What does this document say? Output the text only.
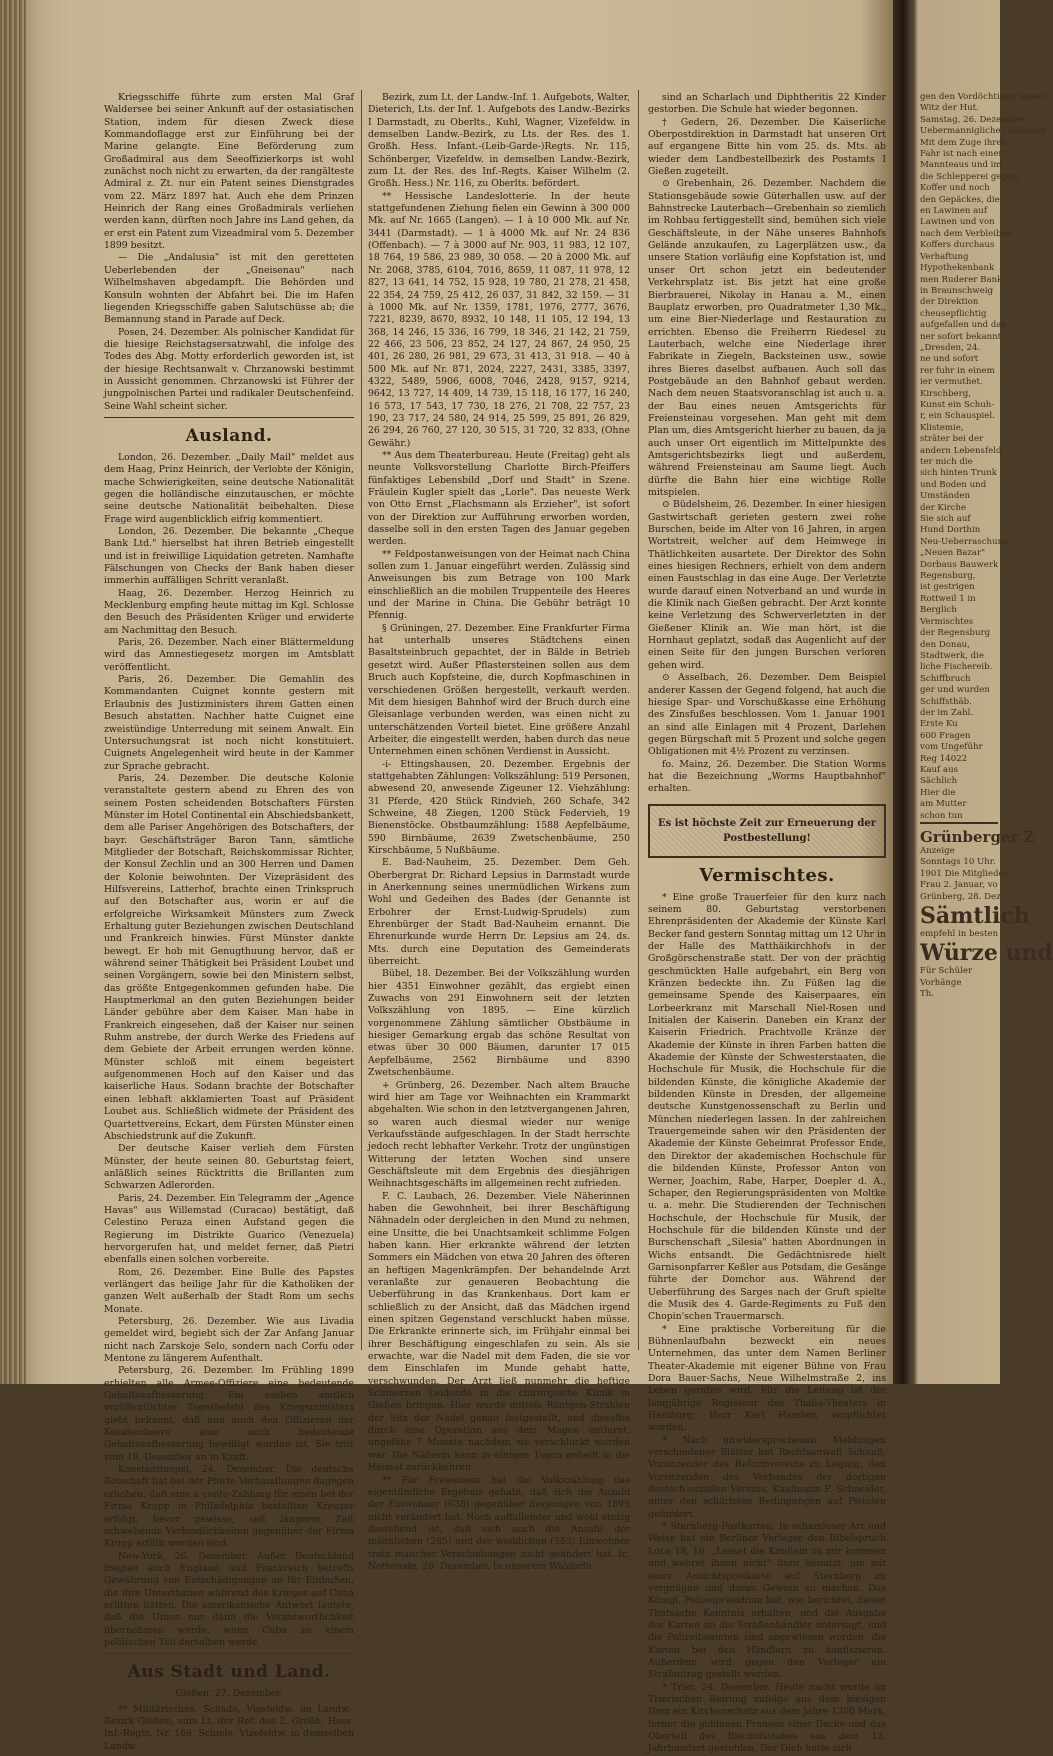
Kriegsschiffe führte zum ersten Mal Graf Waldersee bei seiner Ankunft auf der ostasiatischen Station, indem für diesen Zweck diese Kommandoflagge erst zur Einführung bei der Marine gelangte. Eine Beförderung zum Großadmiral aus dem Seeoffizierkorps ist wohl zunächst noch nicht zu erwarten, da der rangälteste Admiral z. Zt. nur ein Patent seines Dienstgrades vom 22. März 1897 hat. Auch ehe dem Prinzen Heinrich der Rang eines Großadmirals verliehen werden kann, dürften noch Jahre ins Land gehen, da er erst ein Patent zum Vizeadmiral vom 5. Dezember 1899 besitzt.

— Die „Andalusia" ist mit den geretteten Ueberlebenden der „Gneisenau" nach Wilhelmshaven abgedampft. Die Behörden und Konsuln wohnten der Abfahrt bei. Die im Hafen liegenden Kriegsschiffe gaben Salutschüsse ab; die Bemannung stand in Parade auf Deck.

Posen, 24. Dezember. Als polnischer Kandidat für die hiesige Reichstagsersatzwahl, die infolge des Todes des Abg. Motty erforderlich geworden ist, ist der hiesige Rechtsanwalt v. Chrzanowski bestimmt in Aussicht genommen. Chrzanowski ist Führer der jungpolnischen Partei und radikaler Deutschenfeind. Seine Wahl scheint sicher.

Ausland.

London, 26. Dezember. „Daily Mail" meldet aus dem Haag, Prinz Heinrich, der Verlobte der Königin, mache Schwierigkeiten, seine deutsche Nationalität gegen die holländische einzutauschen, er möchte seine deutsche Nationalität beibehalten. Diese Frage wird augenblicklich eifrig kommentiert.

London, 26. Dezember. Die bekannte „Cheque Bank Ltd." hierselbst hat ihren Betrieb eingestellt und ist in freiwillige Liquidation getreten. Namhafte Fälschungen von Checks der Bank haben dieser immerhin auffälligen Schritt veranlaßt.

Haag, 26. Dezember. Herzog Heinrich zu Mecklenburg empfing heute mittag im Kgl. Schlosse den Besuch des Präsidenten Krüger und erwiderte am Nachmittag den Besuch.

Paris, 26. Dezember. Nach einer Blättermeldung wird das Amnestiegesetz morgen im Amtsblatt veröffentlicht.

Paris, 26. Dezember. Die Gemahlin des Kommandanten Cuignet konnte gestern mit Erlaubnis des Justizministers ihrem Gatten einen Besuch abstatten. Nachher hatte Cuignet eine zweistündige Unterredung mit seinem Anwalt. Ein Untersuchungsrat ist noch nicht konstituiert. Cuignets Angelegenheit wird heute in der Kammer zur Sprache gebracht.

Paris, 24. Dezember. Die deutsche Kolonie veranstaltete gestern abend zu Ehren des von seinem Posten scheidenden Botschafters Fürsten Münster im Hotel Continental ein Abschiedsbankett, dem alle Pariser Angehörigen des Botschafters, der bayr. Geschäftsträger Baron Tann, sämtliche Mitglieder der Botschaft, Reichskommissar Richter, der Konsul Zechlin und an 300 Herren und Damen der Kolonie beiwohnten. Der Vizepräsident des Hilfsvereins, Latterhof, brachte einen Trinkspruch auf den Botschafter aus, worin er auf die erfolgreiche Wirksamkeit Münsters zum Zweck Erhaltung guter Beziehungen zwischen Deutschland und Frankreich hinwies. Fürst Münster dankte bewegt. Er hob mit Genugthuung hervor, daß er während seiner Thätigkeit bei Präsident Loubet und seinen Vorgängern, sowie bei den Ministern selbst, das größte Entgegenkommen gefunden habe. Die Hauptmerkmal an den guten Beziehungen beider Länder gebühre aber dem Kaiser. Man habe in Frankreich eingesehen, daß der Kaiser nur seinen Ruhm anstrebe, der durch Werke des Friedens auf dem Gebiete der Arbeit errungen werden könne. Münster schloß mit einem begeistert aufgenommenen Hoch auf den Kaiser und das kaiserliche Haus. Sodann brachte der Botschafter einen lebhaft akklamierten Toast auf Präsident Loubet aus. Schließlich widmete der Präsident des Quartettvereins, Eckart, dem Fürsten Münster einen Abschiedstrunk auf die Zukunft.

Der deutsche Kaiser verlieh dem Fürsten Münster, der heute seinen 80. Geburtstag feiert, anläßlich seines Rücktritts die Brillanten zum Schwarzen Adlerorden.

Paris, 24. Dezember. Ein Telegramm der „Agence Havas" aus Willemstad (Curacao) bestätigt, daß Celestino Peraza einen Aufstand gegen die Regierung im Distrikte Guarico (Venezuela) hervorgerufen hat, und meldet ferner, daß Pietri ebenfalls einen solchen vorbereite.

Rom, 26. Dezember. Eine Bulle des Papstes verlängert das heilige Jahr für die Katholiken der ganzen Welt außerhalb der Stadt Rom um sechs Monate.

Petersburg, 26. Dezember. Wie aus Livadia gemeldet wird, begiebt sich der Zar Anfang Januar nicht nach Zarskoje Selo, sondern nach Corfu oder Mentone zu längerem Aufenthalt.

Petersburg, 26. Dezember. Im Frühling 1899 erhielten alle Armee-Offiziere eine bedeutende Gehaltsaufbesserung. Ein soeben amtlich veröffentlichter Tagesbefehl des Kriegsministers giebt bekannt, daß nun auch den Offizieren der Kosakenheere eine noch bedeutende Gehaltsaufbesserung bewilligt worden ist. Sie tritt vom 19. Dezember an in Kraft.

Konstantinopel, 24. Dezember. Die deutsche Botschaft hat bei der Pforte Verhandlungen dagegen erhoben, daß eine a conto-Zahlung für einen bei der Firma Krupp in Philadelphia bestellten Kreuzer erfolgt, bevor gewisse, seit längerer Zeit schwebende Verbindlichkeiten gegenüber der Firma Krupp erfüllt worden sind.

New-York, 26. Dezember. Außer Deutschland fragten auch England und Frankreich betreffs Gewährung von Entschädigungen an für Einbußen, die ihre Unterthanen während des Krieges auf Cuba erlitten hätten. Die amerikanische Antwort lautete, daß die Union nur dann die Verantwortlichkeit übernehmen werde, wenn Cuba zu einem politischen Teil derselben werde.

Aus Stadt und Land.
Gießen, 27. Dezember.

** Militärisches. Schade, Vizefeldw. im Landw.-Bezirk Gießen, zum Lt. der Ref. des 2. Großh. Hess. Inf.-Regts. Nr. 168, Schiele, Vizefeldw. in demselben Landw.-

Bezirk, zum Lt. der Landw.-Inf. 1. Aufgebots, Walter, Dieterich, Lts. der Inf. 1. Aufgebots des Landw.-Bezirks I Darmstadt, zu Oberlts., Kuhl, Wagner, Vizefeldw. in demselben Landw.-Bezirk, zu Lts. der Res. des 1. Großh. Hess. Infant.-(Leib-Garde-)Regts. Nr. 115, Schönberger, Vizefeldw. in demselben Landw.-Bezirk, zum Lt. der Res. des Inf.-Regts. Kaiser Wilhelm (2. Großh. Hess.) Nr. 116, zu Oberlts. befördert.

** Hessische Landeslotterie. In der heute stattgefundenen Ziehung fielen ein Gewinn à 300 000 Mk. auf Nr. 1665 (Langen). — 1 à 10 000 Mk. auf Nr. 3441 (Darmstadt). — 1 à 4000 Mk. auf Nr. 24 836 (Offenbach). — 7 à 3000 auf Nr. 903, 11 983, 12 107, 18 764, 19 586, 23 989, 30 058. — 20 à 2000 Mk. auf Nr. 2068, 3785, 6104, 7016, 8659, 11 087, 11 978, 12 827, 13 641, 14 752, 15 928, 19 780, 21 278, 21 458, 22 354, 24 759, 25 412, 26 037, 31 842, 32 159. — 31 à 1000 Mk. auf Nr. 1359, 1781, 1976, 2777, 3676, 7221, 8239, 8670, 8932, 10 148, 11 105, 12 194, 13 368, 14 246, 15 336, 16 799, 18 346, 21 142, 21 759, 22 466, 23 506, 23 852, 24 127, 24 867, 24 950, 25 401, 26 280, 26 981, 29 673, 31 413, 31 918. — 40 à 500 Mk. auf Nr. 871, 2024, 2227, 2431, 3385, 3397, 4322, 5489, 5906, 6008, 7046, 2428, 9157, 9214, 9642, 13 727, 14 409, 14 739, 15 118, 16 177, 16 240, 16 573, 17 543, 17 730, 18 276, 21 708, 22 757, 23 190, 23 717, 24 580, 24 914, 25 599, 25 891, 26 829, 26 294, 26 760, 27 120, 30 515, 31 720, 32 833, (Ohne Gewähr.)

** Aus dem Theaterbureau. Heute (Freitag) geht als neunte Volksvorstellung Charlotte Birch-Pfeiffers fünfaktiges Lebensbild „Dorf und Stadt" in Szene. Fräulein Kugler spielt das „Lorle". Das neueste Werk von Otto Ernst „Flachsmann als Erzieher", ist sofort von der Direktion zur Aufführung erworben worden, dasselbe soll in den ersten Tagen des Januar gegeben werden.

** Feldpostanweisungen von der Heimat nach China sollen zum 1. Januar eingeführt werden. Zulässig sind Anweisungen bis zum Betrage von 100 Mark einschließlich an die mobilen Truppenteile des Heeres und der Marine in China. Die Gebühr beträgt 10 Pfennig.

§ Grüningen, 27. Dezember. Eine Frankfurter Firma hat unterhalb unseres Städtchens einen Basaltsteinbruch gepachtet, der in Bälde in Betrieb gesetzt wird. Außer Pflastersteinen sollen aus dem Bruch auch Kopfsteine, die, durch Kopfmaschinen in verschiedenen Größen hergestellt, verkauft werden. Mit dem hiesigen Bahnhof wird der Bruch durch eine Gleisanlage verbunden werden, was einen nicht zu unterschätzenden Vorteil bietet. Eine größere Anzahl Arbeiter, die eingestellt werden, haben durch das neue Unternehmen einen schönen Verdienst in Aussicht.

-i- Ettingshausen, 20. Dezember. Ergebnis der stattgehabten Zählungen: Volkszählung: 519 Personen, abwesend 20, anwesende Zigeuner 12. Viehzählung: 31 Pferde, 420 Stück Rindvieh, 260 Schafe, 342 Schweine, 48 Ziegen, 1200 Stück Federvieh, 19 Bienenstöcke. Obstbaumzählung: 1588 Aepfelbäume, 590 Birnbäume, 2639 Zwetschenbäume, 250 Kirschbäume, 5 Nußbäume.

E. Bad-Nauheim, 25. Dezember. Dem Geh. Oberbergrat Dr. Richard Lepsius in Darmstadt wurde in Anerkennung seines unermüdlichen Wirkens zum Wohl und Gedeihen des Bades (der Genannte ist Erbohrer der Ernst-Ludwig-Sprudels) zum Ehrenbürger der Stadt Bad-Nauheim ernannt. Die Ehrenurkunde wurde Herrn Dr. Lepsius am 24. ds. Mts. durch eine Deputation des Gemeinderats überreicht.

Bübel, 18. Dezember. Bei der Volkszählung wurden hier 4351 Einwohner gezählt, das ergiebt einen Zuwachs von 291 Einwohnern seit der letzten Volkszählung von 1895. — Eine kürzlich vorgenommene Zählung sämtlicher Obstbäume in hiesiger Gemarkung ergab das schöne Resultat von etwas über 30 000 Bäumen, darunter 17 015 Aepfelbäume, 2562 Birnbäume und 8390 Zwetschenbäume.

+ Grünberg, 26. Dezember. Nach altem Brauche wird hier am Tage vor Weihnachten ein Krammarkt abgehalten. Wie schon in den letztvergangenen Jahren, so waren auch diesmal wieder nur wenige Verkaufsstände aufgeschlagen. In der Stadt herrschte jedoch recht lebhafter Verkehr. Trotz der ungünstigen Witterung der letzten Wochen sind unsere Geschäftsleute mit dem Ergebnis des diesjährigen Weihnachtsgeschäfts im allgemeinen recht zufrieden.

F. C. Laubach, 26. Dezember. Viele Näherinnen haben die Gewohnheit, bei ihrer Beschäftigung Nähnadeln oder dergleichen in den Mund zu nehmen, eine Unsitte, die bei Unachtsamkeit schlimme Folgen haben kann. Hier erkrankte während der letzten Sommers ein Mädchen von etwa 20 Jahren des öfteren an heftigen Magenkrämpfen. Der behandelnde Arzt veranlaßte zur genaueren Beobachtung die Ueberführung in das Krankenhaus. Dort kam er schließlich zu der Ansicht, daß das Mädchen irgend einen spitzen Gegenstand verschluckt haben müsse. Die Erkrankte erinnerte sich, im Frühjahr einmal bei ihrer Beschäftigung eingeschlafen zu sein. Als sie erwachte, war die Nadel mit dem Faden, die sie vor dem Einschlafen im Munde gehabt hatte, verschwunden. Der Arzt ließ nunmehr die heftige Schmerzen Leidende in die chirurgische Klinik in Gießen bringen. Hier wurde mittels Röntgen-Strahlen der Sitz der Nadel genau festgestellt, und dieselbe durch eine Operation aus dem Magen entfernt, ungefähr 7 Monate nachdem sie verschluckt worden war. Die Näherin kann in einigen Tagen geheilt in die Heimat zurückkehren.

** Für Freienseen hat die Volkszählung das eigentümliche Ergebnis gehabt, daß sich die Anzahl der Einwohner (638) gegenüber derjenigen von 1895 nicht verändert hat. Noch auffallender und wohl einzig dastehend ist, daß sich auch die Anzahl der männlichen (285) und der weiblichen (353) Einwohner trotz mancher Verschiebungen nicht geändert hat. fc. Notterode, 26. Dezember. In unserem Waldorfe

sind an Scharlach und Diphtheritis 22 Kinder gestorben. Die Schule hat wieder begonnen.

† Gedern, 26. Dezember. Die Kaiserliche Oberpostdirektion in Darmstadt hat unseren Ort auf ergangene Bitte hin vom 25. ds. Mts. ab wieder dem Landbestellbezirk des Postamts I Gießen zugeteilt.

⊙ Grebenhain, 26. Dezember. Nachdem die Stationsgebäude sowie Güterhallen usw. auf der Bahnstrecke Lauterbach—Grebenhain so ziemlich im Rohbau fertiggestellt sind, bemühen sich viele Geschäftsleute, in der Nähe unseres Bahnhofs Gelände anzukaufen, zu Lagerplätzen usw., da unsere Station vorläufig eine Kopfstation ist, und unser Ort schon jetzt ein bedeutender Verkehrsplatz ist. Bis jetzt hat eine große Bierbrauerei, Nikolay in Hanau a. M., einen Bauplatz erworben, pro Quadratmeter 1,30 Mk., um eine Bier-Niederlage und Restauration zu errichten. Ebenso die Freiherrn Riedesel zu Lauterbach, welche eine Niederlage ihrer Fabrikate in Ziegeln, Backsteinen usw., sowie ihres Bieres daselbst aufbauen. Auch soll das Postgebäude an den Bahnhof gebaut werden. Nach dem neuen Staatsvoranschlag ist auch u. a. der Bau eines neuen Amtsgerichts für Freiensteinau vorgesehen. Man geht mit dem Plan um, dies Amtsgericht hierher zu bauen, da ja auch unser Ort eigentlich im Mittelpunkte des Amtsgerichtsbezirks liegt und außerdem, während Freiensteinau am Saume liegt. Auch dürfte die Bahn hier eine wichtige Rolle mitspielen.

⊙ Büdelsheim, 26. Dezember. In einer hiesigen Gastwirtschaft gerieten gestern zwei rohe Burschen, beide im Alter von 16 Jahren, in argen Wortstreit, welcher auf dem Heimwege in Thätlichkeiten ausartete. Der Direktor des Sohn eines hiesigen Rechners, erhielt von dem andern einen Faustschlag in das eine Auge. Der Verletzte wurde darauf einen Notverband an und wurde in die Klinik nach Gießen gebracht. Der Arzt konnte keine Verletzung des Schwerverletzten in der Gießener Klinik an. Wie man hört, ist die Hornhaut geplatzt, sodaß das Augenlicht auf der einen Seite für den jungen Burschen verloren gehen wird.

⊙ Asselbach, 26. Dezember. Dem Beispiel anderer Kassen der Gegend folgend, hat auch die hiesige Spar- und Vorschußkasse eine Erhöhung des Zinsfußes beschlossen. Vom 1. Januar 1901 an sind alle Einlagen mit 4 Prozent, Darlehen gegen Bürgschaft mit 5 Prozent und solche gegen Obligationen mit 4½ Prozent zu verzinsen.

fo. Mainz, 26. Dezember. Die Station Worms hat die Bezeichnung „Worms Hauptbahnhof" erhalten.

Es ist höchste Zeit zur Erneuerung der
Postbestellung!
Vermischtes.

* Eine große Trauerfeier für den kurz nach seinem 80. Geburtstag verstorbenen Ehrenpräsidenten der Akademie der Künste Karl Becker fand gestern Sonntag mittag um 12 Uhr in der Halle des Matthäikirchhofs in der Großgörschenstraße statt. Der von der prächtig geschmückten Halle aufgebahrt, ein Berg von Kränzen bedeckte ihn. Zu Füßen lag die gemeinsame Spende des Kaiserpaares, ein Lorbeerkranz mit Marschall Niel-Rosen und Initialen der Kaiserin. Daneben ein Kranz der Kaiserin Friedrich. Prachtvolle Kränze der Akademie der Künste in ihren Farben hatten die Akademie der Künste der Schwesterstaaten, die Hochschule für Musik, die Hochschule für die bildenden Künste, die königliche Akademie der bildenden Künste in Dresden, der allgemeine deutsche Kunstgenossenschaft zu Berlin und München niederlegen lassen. In der zahlreichen Trauergemeinde sahen wir den Präsidenten der Akademie der Künste Geheimrat Professor Ende, den Direktor der akademischen Hochschule für die bildenden Künste, Professor Anton von Werner, Joachim, Rabe, Harper, Doepler d. A., Schaper, den Regierungspräsidenten von Moltke u. a. mehr. Die Studierenden der Technischen Hochschule, der Hochschule für Musik, der Hochschule für die bildenden Künste und der Burschenschaft „Silesia" hatten Abordnungen in Wichs entsandt. Die Gedächtnisrede hielt Garnisonpfarrer Keßler aus Potsdam, die Gesänge führte der Domchor aus. Während der Ueberführung des Sarges nach der Gruft spielte die Musik des 4. Garde-Regiments zu Fuß den Chopin'schen Trauermarsch.

* Eine praktische Vorbereitung für die Bühnenlaufbahn bezweckt ein neues Unternehmen, das unter dem Namen Berliner Theater-Akademie mit eigener Bühne von Frau Dora Bauer-Sachs, Neue Wilhelmstraße 2, ins Leben gerufen wird. Für die Leitung ist der langjährige Regisseur des Thalia-Theaters in Hamburg, Herr Karl Hamber, verpflichtet worden.

* Nach unwidersprochenen Meldungen verschiedener Blätter hat Rechtsanwalt Schauß, Vorsitzender des Reformvereins zu Leipzig, den Vorsitzenden des Verbandes der dortigen deutsch-sozialen Vereins, Kaufmann F. Schneider, unter den schärfsten Bedingungen auf Pistolen gefordert.

* Sternberg-Postkarten. In schamloser Art und Weise hat ein Berliner Verleger den Bibelspruch Luca 18, 16: „Lasset die Kindlein zu mir kommen und wehret ihnen nicht" dazu benutzt, um mit einer Ansichtspostkarte auf Sternberg zu vergnügen und daran Gewinn zu machen. Das Königl. Polizeipräsidium hat, wie berichtet, dieser Thatsache Kenntnis erhalten, und die Ausgabe der Karten an die Straßenhändler untersagt, und die Polizeibeamten sind angewiesen worden, die Karten bei den Händlern zu konfiszieren. Außerdem wird gegen den Verleger ein Strafantrag gestellt werden.

* Trier, 24. Dezember. Heute nacht wurde im Trierischen Beirung zufolge aus dem hiesigen Dom ein Kirchenschatz aus dem Jahre 1300 Mark, ferner die goldenen Fransen einer Decke und das Oberteil des Bischofsstabes aus dem 13. Jahrhundert gestohlen. Der Dieb hatte sich

gen den Vordöchtigen lassen

Witz der Hut.

Samstag, 26. Dezember.

Uebermannigliche Gebrauch

Mit dem Zuge ihres

Fahr ist nach einer

Mannteaus und im

die Schlepperei gegen

Koffer und noch

den Gepäckes, die

en Lawinen auf

Lawinen und von

nach dem Verbleiben

Koffers durchaus

Verhaftung

Hypothekenbank

men Ruderer Bank

in Braunschweig

der Direktion

cheusepflichtig

aufgefallen und das

ner sofort bekannt.

„Dresden, 24.

ne und sofort

rer fuhr in einem

ier vermuthet.

Kirschberg,

Kunst ein Schuh-

r, ein Schauspiel.

Klistemie,

sträter bei der

andern Lebensfeld

ter mich die

sich hinten Trunk

und Boden und

Umständen

der Kirche

Sie sich auf

Hund Dorthin

Neu-Ueberraschung

„Neuen Bazar"

Dorbaus Bauwerk

Regensburg,

ist gestrigen

Rottweil 1 in

Berglich

Vermischtes

der Regensburg

den Donau,

Stadtwerk, die

liche Fischereib.

Schiffbruch

ger und wurden

Schiffsthäb.

der im Zahl.

Erste Ku

600 Fragen

vom Ungeführ

Reg 14022

Kauf aus

Sächlich

Hier die

am Mutter

schon tun

Grünberger Z

Anzeige

Sonntags 10 Uhr.

1901 Die Mitglieder

Frau 2. Januar, vo

Grünberg, 28. Dez

Sämtlich

empfehl in besten

Würze und

Für Schüler

Vorhänge

Th.
